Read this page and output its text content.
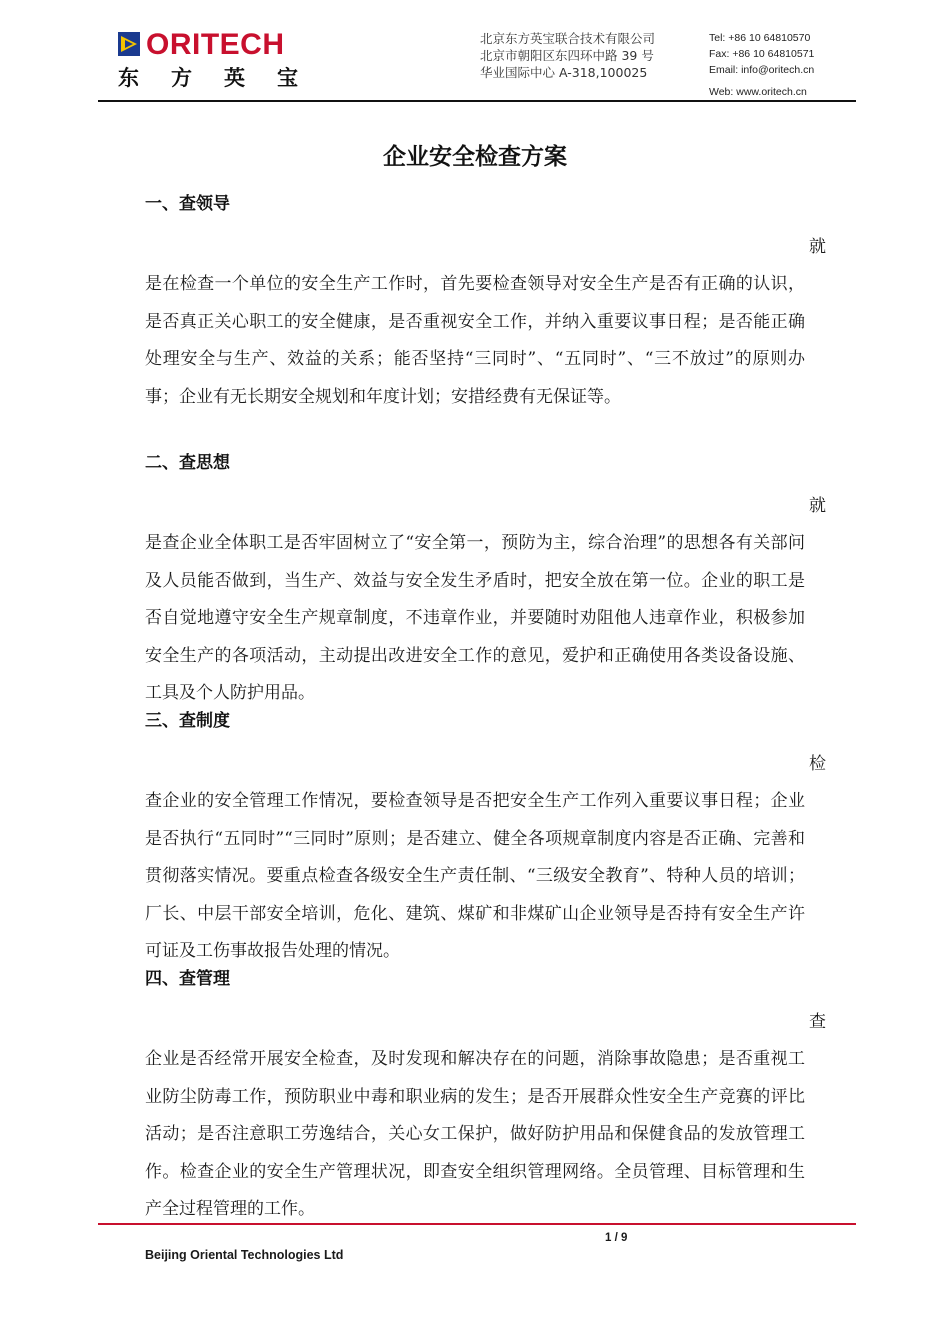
ORITECH
东 方 英 宝
北京东方英宝联合技术有限公司
北京市朝阳区东四环中路 39 号
华业国际中心 A-318,100025
Tel: +86 10 64810570
Fax: +86 10 64810571
Email: info@oritech.cn
Web: www.oritech.cn
企业安全检查方案
一、查领导
就

是在检查一个单位的安全生产工作时，首先要检查领导对安全生产是否有正确的认识，是否真正关心职工的安全健康，是否重视安全工作，并纳入重要议事日程；是否能正确处理安全与生产、效益的关系；能否坚持“三同时”、“五同时”、“三不放过”的原则办事；企业有无长期安全规划和年度计划；安措经费有无保证等。

二、查思想
就

是查企业全体职工是否牢固树立了“安全第一，预防为主，综合治理”的思想各有关部问及人员能否做到，当生产、效益与安全发生矛盾时，把安全放在第一位。企业的职工是否自觉地遵守安全生产规章制度，不违章作业，并要随时劝阻他人违章作业，积极参加安全生产的各项活动，主动提出改进安全工作的意见，爱护和正确使用各类设备设施、工具及个人防护用品。

三、查制度
检

查企业的安全管理工作情况，要检查领导是否把安全生产工作列入重要议事日程；企业是否执行“五同时”“三同时”原则；是否建立、健全各项规章制度内容是否正确、完善和贯彻落实情况。要重点检查各级安全生产责任制、“三级安全教育”、特种人员的培训；厂长、中层干部安全培训，危化、建筑、煤矿和非煤矿山企业领导是否持有安全生产许可证及工伤事故报告处理的情况。

四、查管理
查

企业是否经常开展安全检查，及时发现和解决存在的问题，消除事故隐患；是否重视工业防尘防毒工作，预防职业中毒和职业病的发生；是否开展群众性安全生产竞赛的评比活动；是否注意职工劳逸结合，关心女工保护，做好防护用品和保健食品的发放管理工作。检查企业的安全生产管理状况，即查安全组织管理网络。全员管理、目标管理和生产全过程管理的工作。

1 / 9
Beijing Oriental Technologies Ltd
